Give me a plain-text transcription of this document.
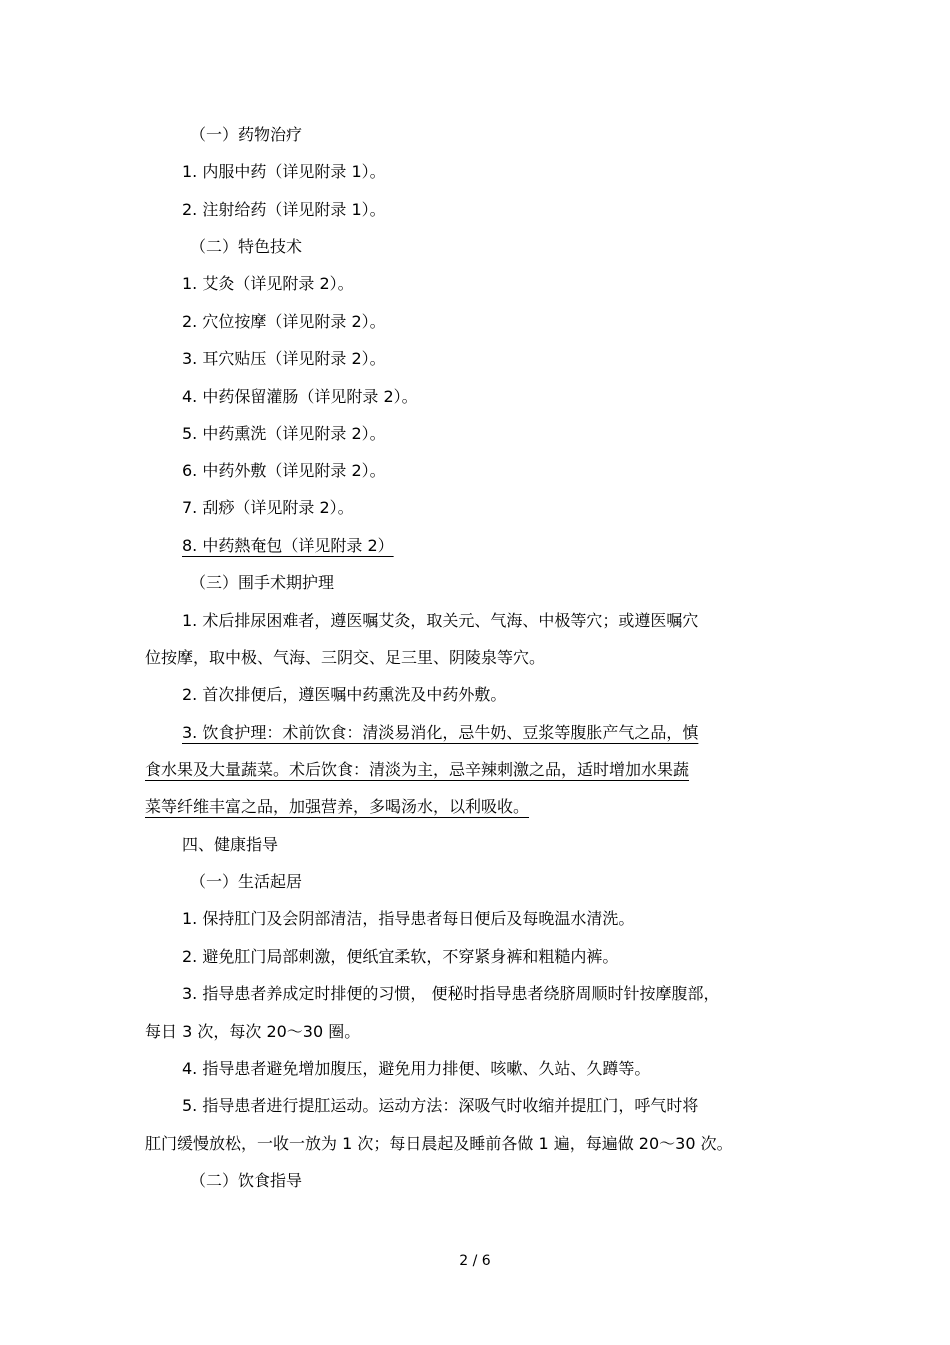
（一）药物治疗
1. 内服中药（详见附录 1）。
2. 注射给药（详见附录 1）。
（二）特色技术
1. 艾灸（详见附录 2）。
2. 穴位按摩（详见附录 2）。
3. 耳穴贴压（详见附录 2）。
4. 中药保留灌肠（详见附录 2）。
5. 中药熏洗（详见附录 2）。
6. 中药外敷（详见附录 2）。
7. 刮痧（详见附录 2）。
8. 中药熱奄包（详见附录 2）
（三）围手术期护理
1. 术后排尿困难者，遵医嘱艾灸，取关元、气海、中极等穴；或遵医嘱穴
位按摩，取中极、气海、三阴交、足三里、阴陵泉等穴。
2. 首次排便后，遵医嘱中药熏洗及中药外敷。
3. 饮食护理：术前饮食：清淡易消化，忌牛奶、豆浆等腹胀产气之品，慎
食水果及大量蔬菜。术后饮食：清淡为主，忌辛辣刺激之品，适时增加水果蔬
菜等纤维丰富之品，加强营养，多喝汤水，以利吸收。
四、健康指导
（一）生活起居
1. 保持肛门及会阴部清洁，指导患者每日便后及每晚温水清洗。
2. 避免肛门局部刺激，便纸宜柔软，不穿紧身裤和粗糙内裤。
3. 指导患者养成定时排便的习惯， 便秘时指导患者绕脐周顺时针按摩腹部，
每日 3 次，每次 20～30 圈。
4. 指导患者避免增加腹压，避免用力排便、咳嗽、久站、久蹲等。
5. 指导患者进行提肛运动。运动方法：深吸气时收缩并提肛门，呼气时将
肛门缓慢放松，一收一放为 1 次；每日晨起及睡前各做 1 遍，每遍做 20～30 次。
（二）饮食指导
2 / 6
